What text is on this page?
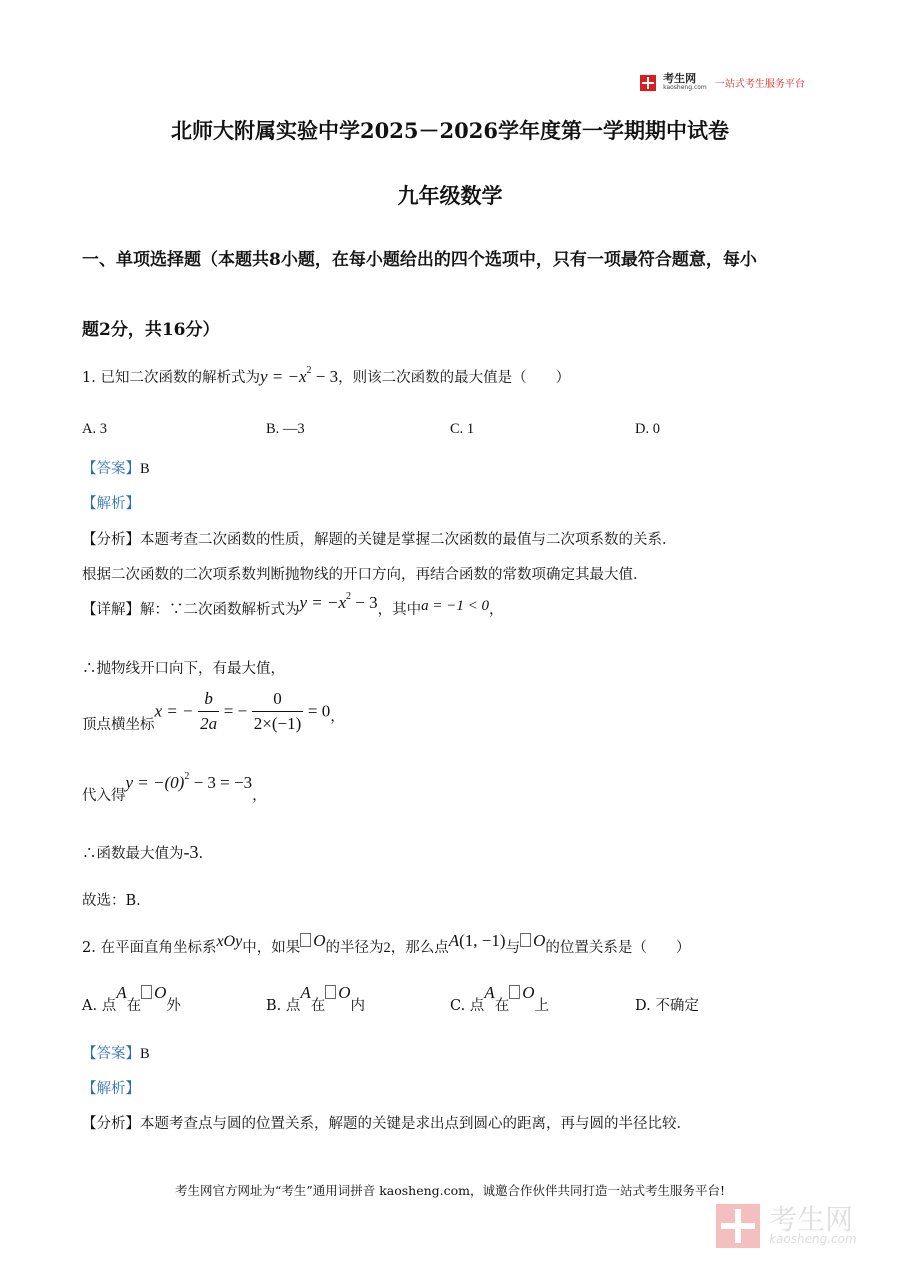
考生网
kaosheng.com 一站式考生服务平台
北师大附属实验中学2025－2026学年度第一学期期中试卷
九年级数学
一、单项选择题（本题共8小题，在每小题给出的四个选项中，只有一项最符合题意，每小
题2分，共16分）
1. 已知二次函数的解析式为$y = -x^2 - 3$，则该二次函数的最大值是（　　）
A. 3	B. —3	C. 1	D. 0
【答案】B
【解析】
【分析】本题考查二次函数的性质，解题的关键是掌握二次函数的最值与二次项系数的关系．
根据二次函数的二次项系数判断抛物线的开口方向，再结合函数的常数项确定其最大值．
【详解】解：∵二次函数解析式为$y = -x^2 - 3$，其中a = −1 < 0，
∴抛物线开口向下，有最大值，
顶点横坐标x = − $\frac{b}{2a}$ = − $\frac{0}{2\times(-1)} = 0$，
代入得$y = -(0)^2 - 3 = -3$，
∴函数最大值为-3.
故选：B．
2. 在平面直角坐标系xOy中，如果 O的半径为2，那么点A(1, −1)与 O的位置关系是（　　）
A. 点A在O外	B. 点A在O内	C. 点A在O上	D. 不确定
【答案】B
【解析】
【分析】本题考查点与圆的位置关系，解题的关键是求出点到圆心的距离，再与圆的半径比较．
考生网官方网址为“考生”通用词拼音 kaosheng.com，诚邀合作伙伴共同打造一站式考生服务平台!

考生网
kaosheng.com
